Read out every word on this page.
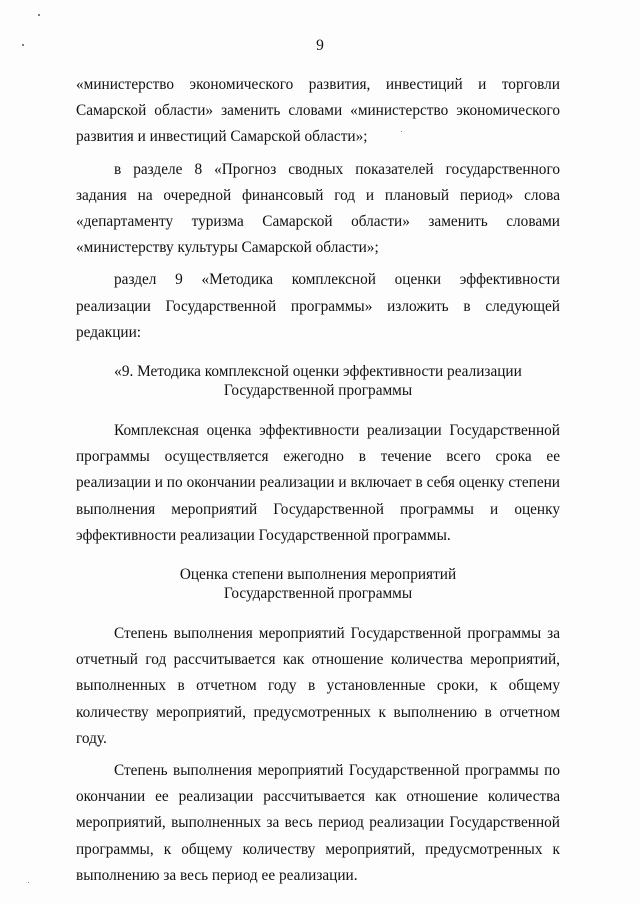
9

«министерство экономического развития, инвестиций и торговли Самарской области» заменить словами «министерство экономического развития и инвестиций Самарской области»;

в разделе 8 «Прогноз сводных показателей государственного задания на очередной финансовый год и плановый период» слова «департаменту туризма Самарской области» заменить словами «министерству культуры Самарской области»;

раздел 9 «Методика комплексной оценки эффективности реализации Государственной программы» изложить в следующей редакции:

«9. Методика комплексной оценки эффективности реализации
Государственной программы

Комплексная оценка эффективности реализации Государственной программы осуществляется ежегодно в течение всего срока ее реализации и по окончании реализации и включает в себя оценку степени выполнения мероприятий Государственной программы и оценку эффективности реализации Государственной программы.

Оценка степени выполнения мероприятий
Государственной программы

Степень выполнения мероприятий Государственной программы за отчетный год рассчитывается как отношение количества мероприятий, выполненных в отчетном году в установленные сроки, к общему количеству мероприятий, предусмотренных к выполнению в отчетном году.

Степень выполнения мероприятий Государственной программы по окончании ее реализации рассчитывается как отношение количества мероприятий, выполненных за весь период реализации Государственной программы, к общему количеству мероприятий, предусмотренных к выполнению за весь период ее реализации.
